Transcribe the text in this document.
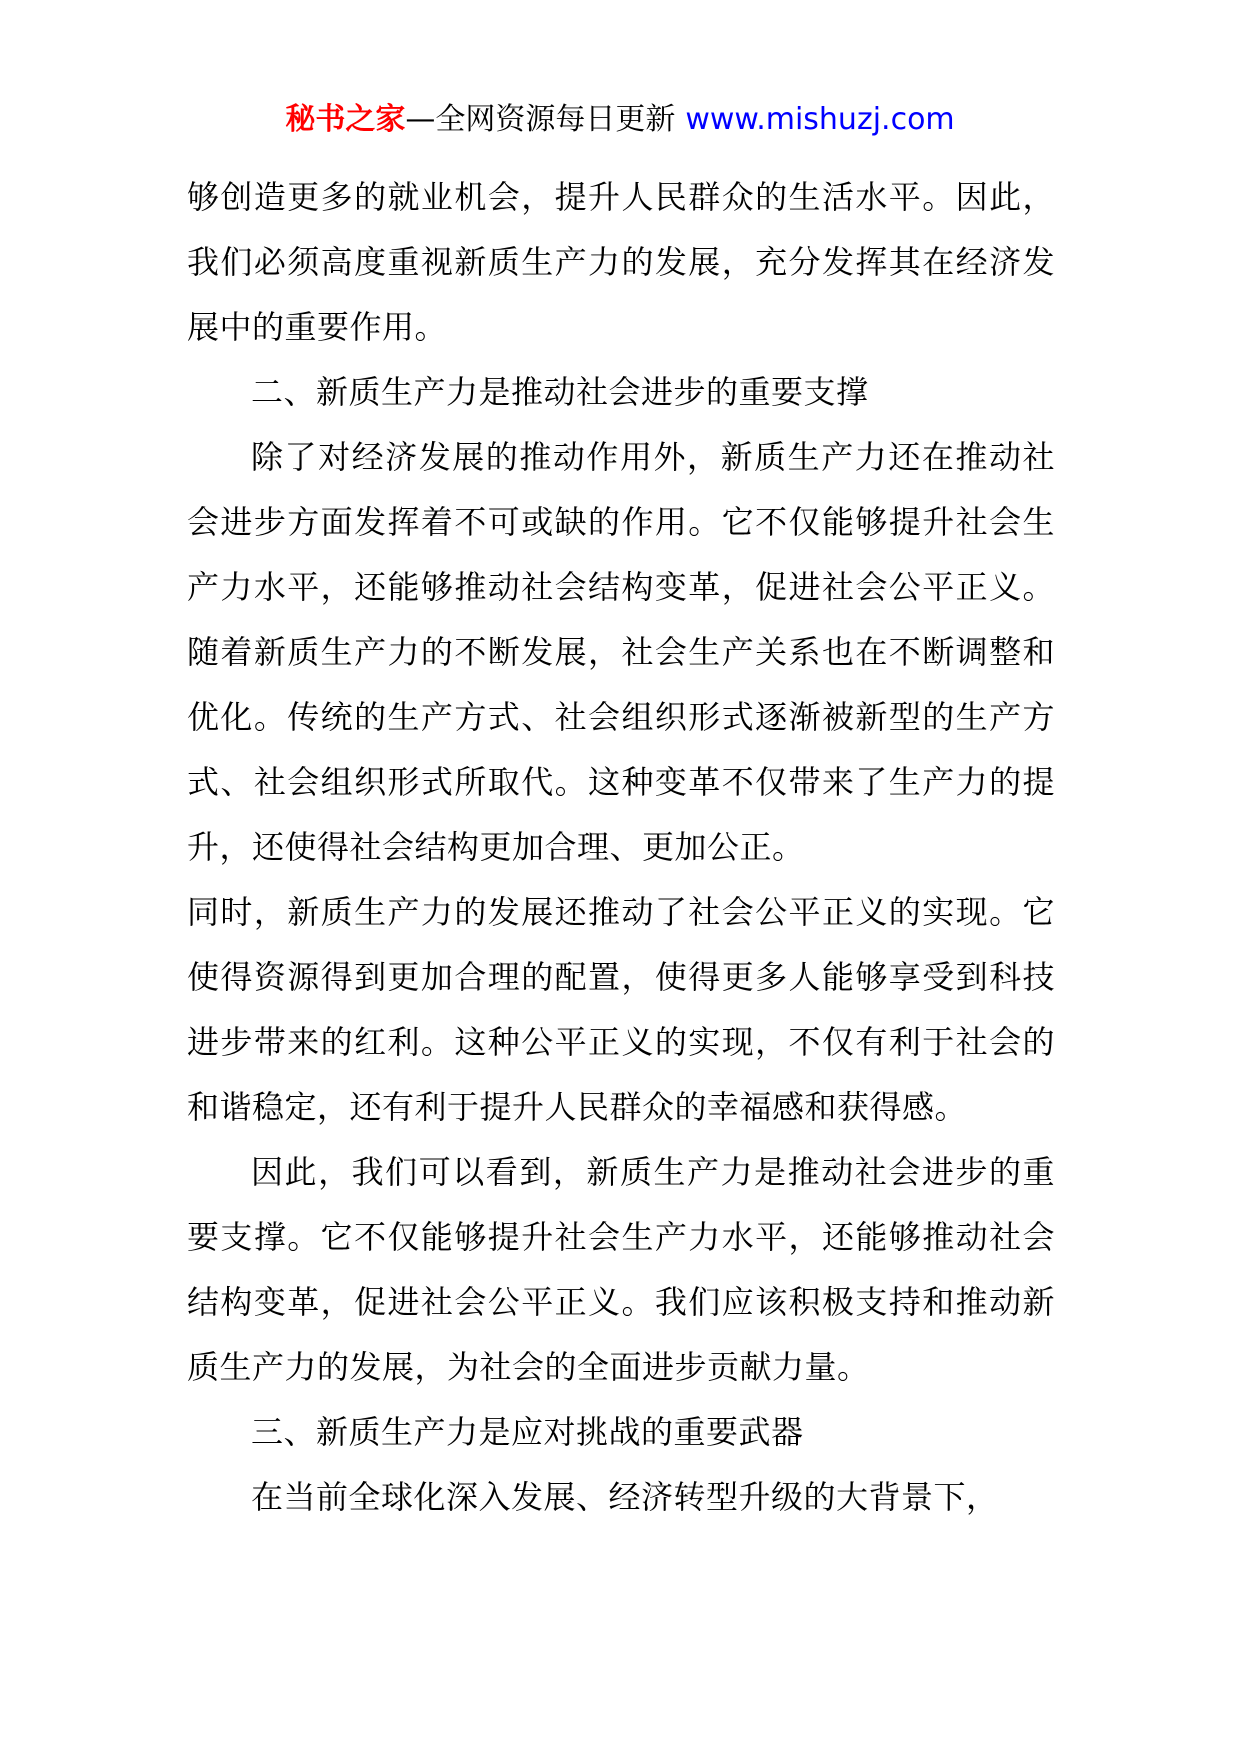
秘书之家—全网资源每日更新 www.mishuzj.com

够创造更多的就业机会，提升人民群众的生活水平。因此，我们必须高度重视新质生产力的发展，充分发挥其在经济发展中的重要作用。

二、新质生产力是推动社会进步的重要支撑

除了对经济发展的推动作用外，新质生产力还在推动社会进步方面发挥着不可或缺的作用。它不仅能够提升社会生产力水平，还能够推动社会结构变革，促进社会公平正义。随着新质生产力的不断发展，社会生产关系也在不断调整和优化。传统的生产方式、社会组织形式逐渐被新型的生产方式、社会组织形式所取代。这种变革不仅带来了生产力的提升，还使得社会结构更加合理、更加公正。

同时，新质生产力的发展还推动了社会公平正义的实现。它使得资源得到更加合理的配置，使得更多人能够享受到科技进步带来的红利。这种公平正义的实现，不仅有利于社会的和谐稳定，还有利于提升人民群众的幸福感和获得感。

因此，我们可以看到，新质生产力是推动社会进步的重要支撑。它不仅能够提升社会生产力水平，还能够推动社会结构变革，促进社会公平正义。我们应该积极支持和推动新质生产力的发展，为社会的全面进步贡献力量。

三、新质生产力是应对挑战的重要武器

在当前全球化深入发展、经济转型升级的大背景下，
